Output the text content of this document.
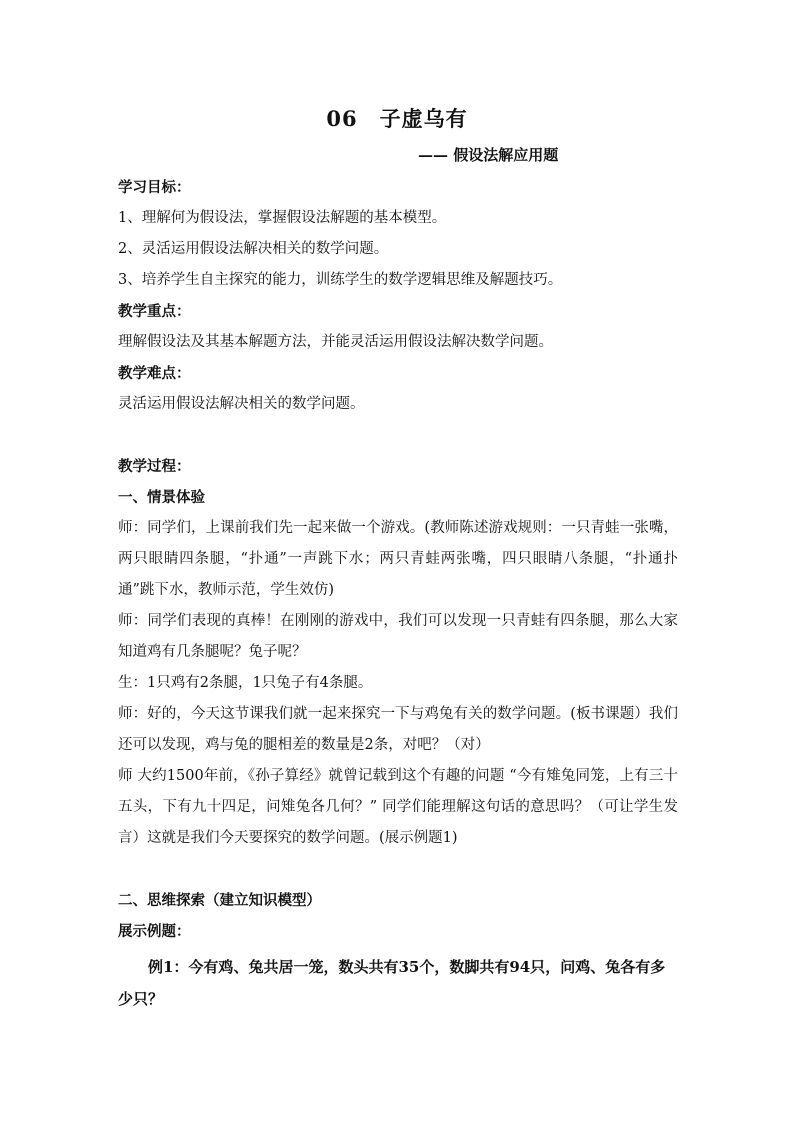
06　子虚乌有
—— 假设法解应用题

学习目标：

1、理解何为假设法，掌握假设法解题的基本模型。

2、灵活运用假设法解决相关的数学问题。

3、培养学生自主探究的能力，训练学生的数学逻辑思维及解题技巧。

教学重点：

理解假设法及其基本解题方法，并能灵活运用假设法解决数学问题。

教学难点：

灵活运用假设法解决相关的数学问题。

教学过程：

一、情景体验

师：同学们，上课前我们先一起来做一个游戏。(教师陈述游戏规则：一只青蛙一张嘴，两只眼睛四条腿，“扑通”一声跳下水；两只青蛙两张嘴，四只眼睛八条腿，“扑通扑通”跳下水，教师示范，学生效仿)

师：同学们表现的真棒！在刚刚的游戏中，我们可以发现一只青蛙有四条腿，那么大家知道鸡有几条腿呢？兔子呢？

生：1只鸡有2条腿，1只兔子有4条腿。

师：好的，今天这节课我们就一起来探究一下与鸡兔有关的数学问题。(板书课题）我们还可以发现，鸡与兔的腿相差的数量是2条，对吧？（对）

师 大约1500年前，《孙子算经》就曾记载到这个有趣的问题 “今有雉兔同笼，上有三十五头，下有九十四足，问雉兔各几何？” 同学们能理解这句话的意思吗？（可让学生发言）这就是我们今天要探究的数学问题。(展示例题1)

二、思维探索（建立知识模型）

展示例题：

例1：今有鸡、兔共居一笼，数头共有35个，数脚共有94只，问鸡、兔各有多少只？
